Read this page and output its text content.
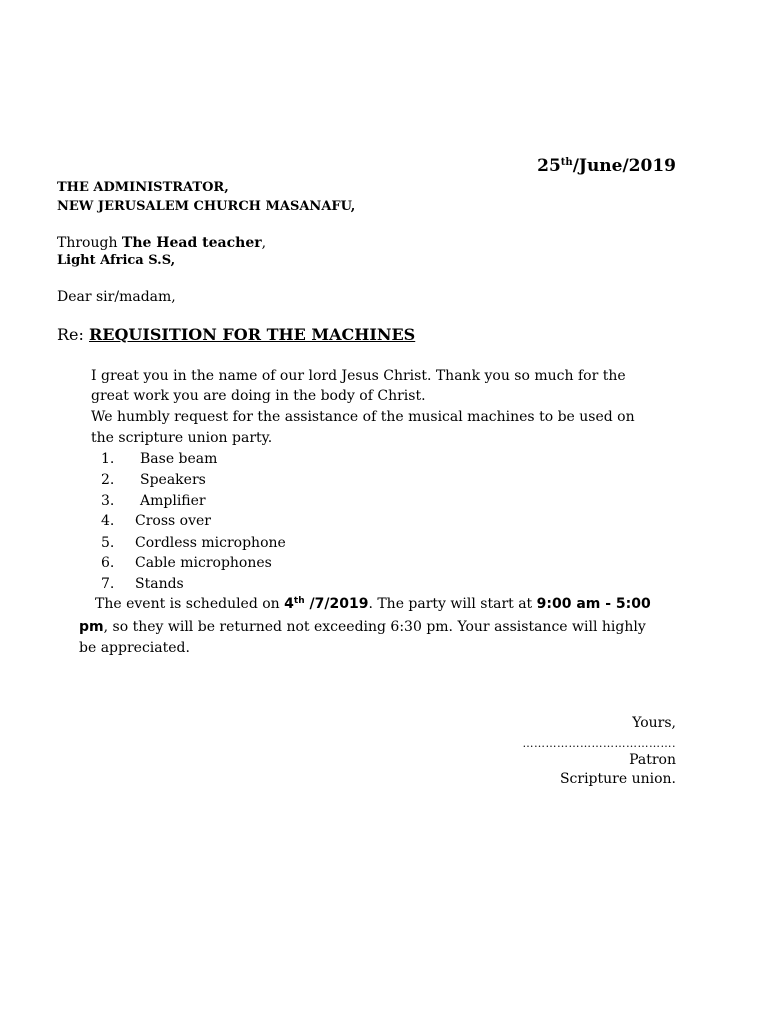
25th/June/2019
THE ADMINISTRATOR,
NEW JERUSALEM CHURCH MASANAFU,
Through The Head teacher,
Light Africa S.S,
Dear sir/madam,
Re: REQUISITION FOR THE MACHINES
I great you in the name of our lord Jesus Christ. Thank you so much for the
great work you are doing in the body of Christ.
We humbly request for the assistance of the musical machines to be used on
the scripture union party.
1. Base beam
2. Speakers
3. Amplifier
4. Cross over
5. Cordless microphone
6. Cable microphones
7. Stands
The event is scheduled on 4th /7/2019. The party will start at 9:00 am - 5:00
pm, so they will be returned not exceeding 6:30 pm. Your assistance will highly
be appreciated.
Yours,
………………………………….
Patron
Scripture union.
